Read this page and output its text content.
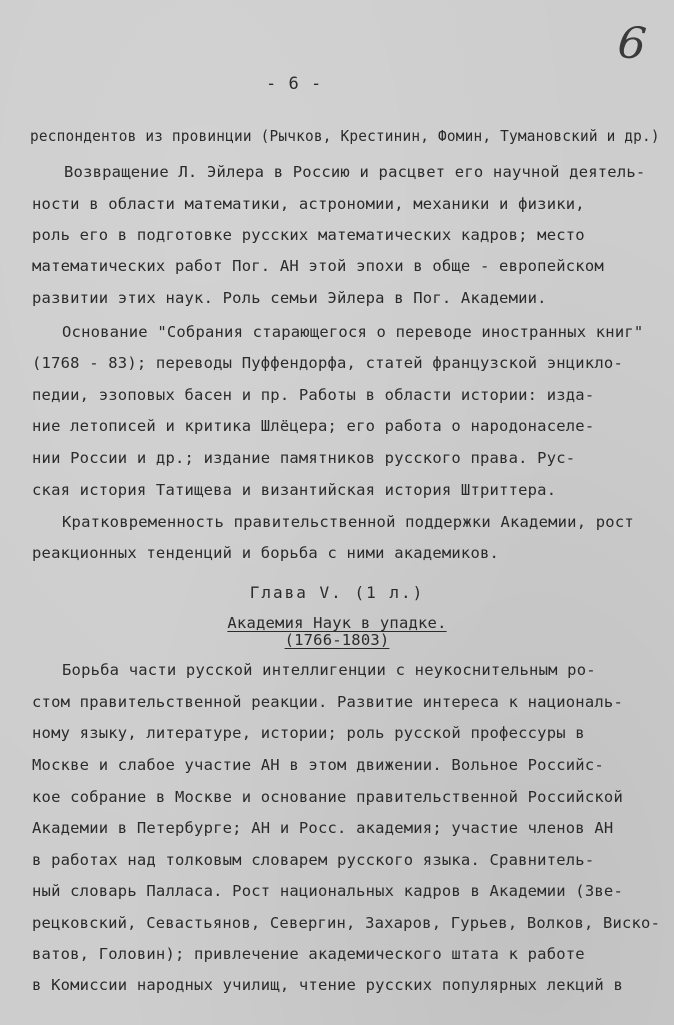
6
- 6 -
респондентов из провинции (Рычков, Крестинин, Фомин, Тумановский и др.)
Возвращение Л. Эйлера в Россию и расцвет его научной деятель-
ности в области математики, астрономии, механики и физики,
роль его в подготовке русских математических кадров; место
математических работ Пог. АН этой эпохи в обще - европейском
развитии этих наук. Роль семьи Эйлера в Пог. Академии.
Основание "Собрания старающегося о переводе иностранных книг"
(1768 - 83); переводы Пуффендорфа, статей французской энцикло-
педии, эзоповых басен и пр. Работы в области истории: изда-
ние летописей и критика Шлёцера; его работа о народонаселе-
нии России и др.; издание памятников русского права. Рус-
ская история Татищева и византийская история Штриттера.
Кратковременность правительственной поддержки Академии, рост
реакционных тенденций и борьба с ними академиков.
Глава V. (1 л.)
Академия Наук в упадке.
(1766-1803)
Борьба части русской интеллигенции с неукоснительным ро-
стом правительственной реакции. Развитие интереса к националь-
ному языку, литературе, истории; роль русской профессуры в
Москве и слабое участие АН в этом движении. Вольное Российс-
кое собрание в Москве и основание правительственной Российской
Академии в Петербурге; АН и Росс. академия; участие членов АН
в работах над толковым словарем русского языка. Сравнитель-
ный словарь Палласа. Рост национальных кадров в Академии (Зве-
рецковский, Севастьянов, Севергин, Захаров, Гурьев, Волков, Виско-
ватов, Головин); привлечение академического штата к работе
в Комиссии народных училищ, чтение русских популярных лекций в
